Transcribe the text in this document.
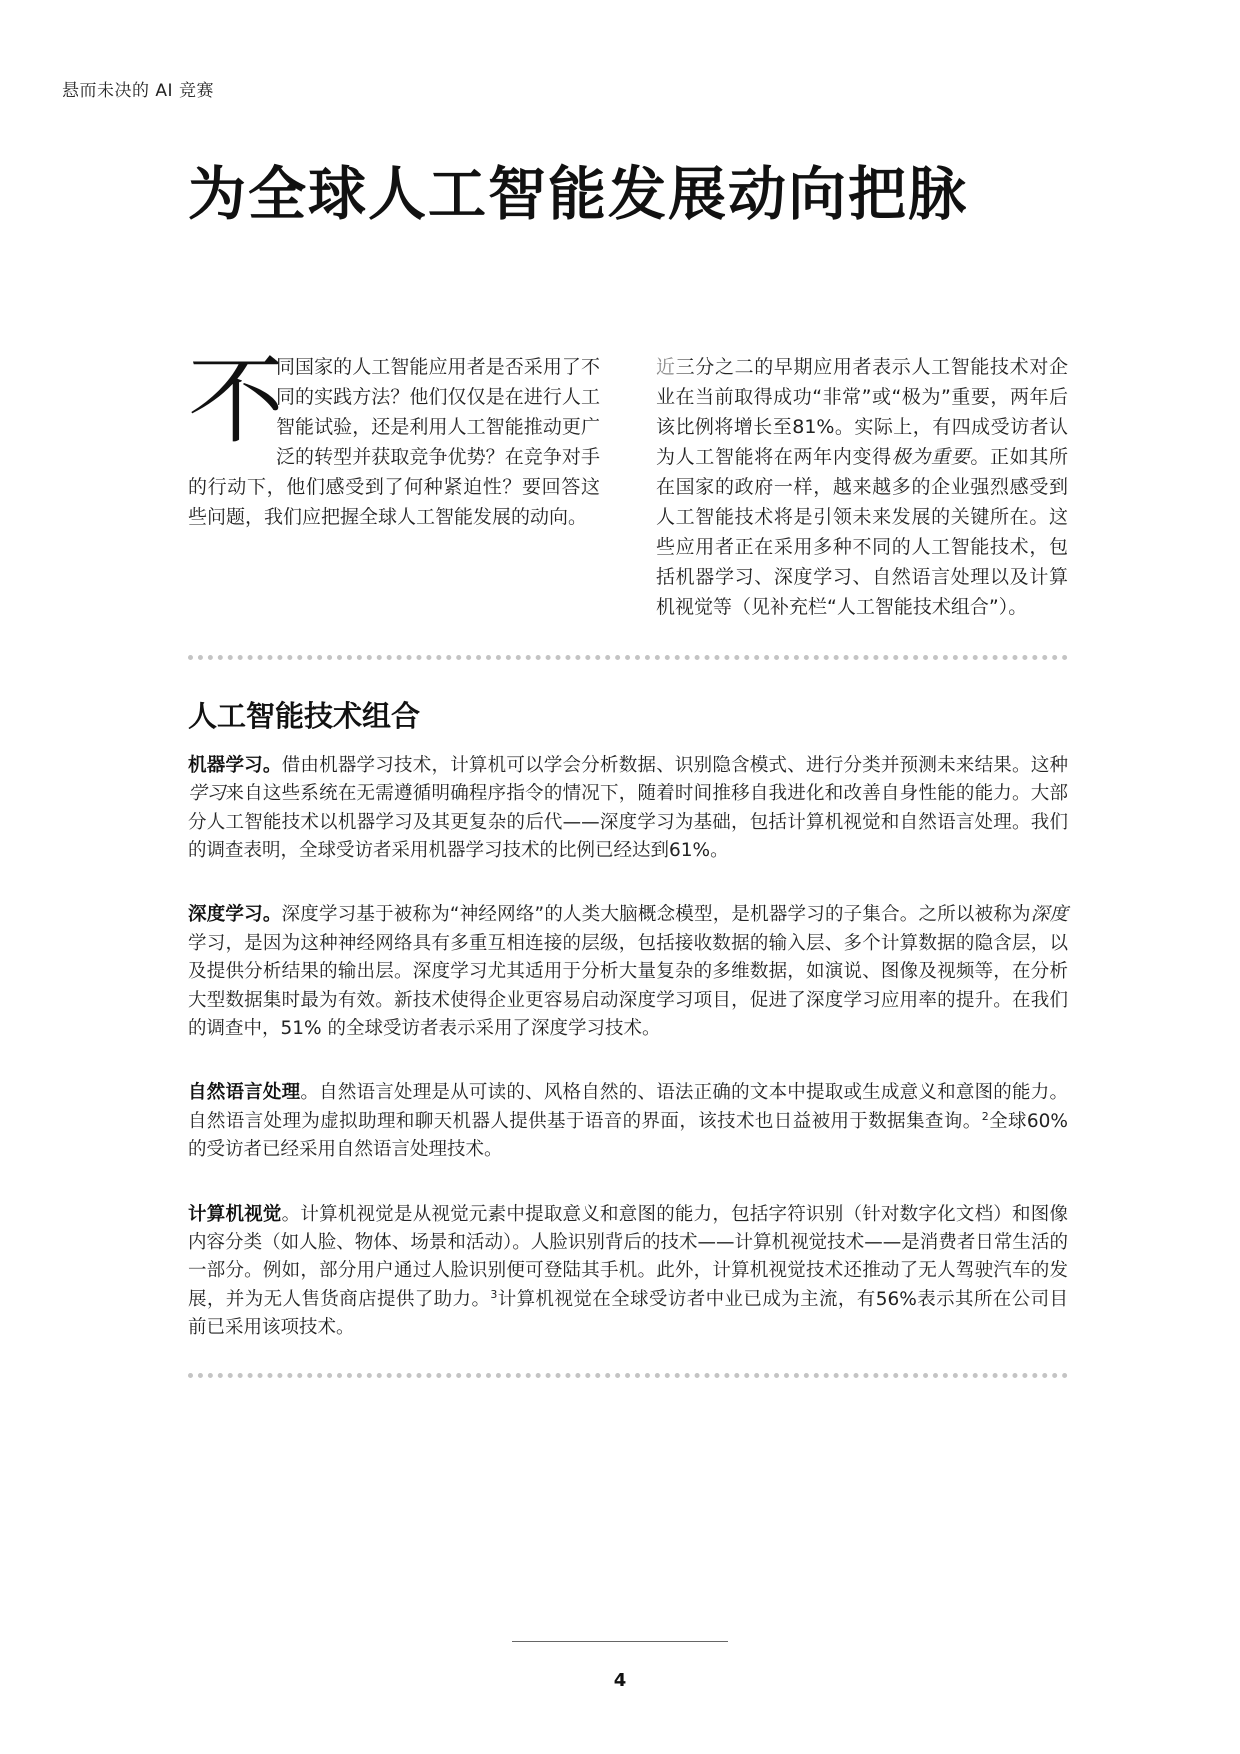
悬而未决的 AI 竞赛
为全球人工智能发展动向把脉
不
同国家的人工智能应用者是否采用了不同的实践方法？他们仅仅是在进行人工智能试验，还是利用人工智能推动更广泛的转型并获取竞争优势？在竞争对手的行动下，他们感受到了何种紧迫性？要回答这些问题，我们应把握全球人工智能发展的动向。
近三分之二的早期应用者表示人工智能技术对企业在当前取得成功“非常”或“极为”重要，两年后该比例将增长至81%。实际上，有四成受访者认为人工智能将在两年内变得极为重要。正如其所在国家的政府一样，越来越多的企业强烈感受到人工智能技术将是引领未来发展的关键所在。这些应用者正在采用多种不同的人工智能技术，包括机器学习、深度学习、自然语言处理以及计算机视觉等（见补充栏“人工智能技术组合”）。
人工智能技术组合

机器学习。借由机器学习技术，计算机可以学会分析数据、识别隐含模式、进行分类并预测未来结果。这种学习来自这些系统在无需遵循明确程序指令的情况下，随着时间推移自我进化和改善自身性能的能力。大部分人工智能技术以机器学习及其更复杂的后代——深度学习为基础，包括计算机视觉和自然语言处理。我们的调查表明，全球受访者采用机器学习技术的比例已经达到61%。

深度学习。深度学习基于被称为“神经网络”的人类大脑概念模型，是机器学习的子集合。之所以被称为深度学习，是因为这种神经网络具有多重互相连接的层级，包括接收数据的输入层、多个计算数据的隐含层，以及提供分析结果的输出层。深度学习尤其适用于分析大量复杂的多维数据，如演说、图像及视频等，在分析大型数据集时最为有效。新技术使得企业更容易启动深度学习项目，促进了深度学习应用率的提升。在我们的调查中，51% 的全球受访者表示采用了深度学习技术。

自然语言处理。自然语言处理是从可读的、风格自然的、语法正确的文本中提取或生成意义和意图的能力。自然语言处理为虚拟助理和聊天机器人提供基于语音的界面，该技术也日益被用于数据集查询。$^2$全球60%的受访者已经采用自然语言处理技术。

计算机视觉。计算机视觉是从视觉元素中提取意义和意图的能力，包括字符识别（针对数字化文档）和图像内容分类（如人脸、物体、场景和活动）。人脸识别背后的技术——计算机视觉技术——是消费者日常生活的一部分。例如，部分用户通过人脸识别便可登陆其手机。此外，计算机视觉技术还推动了无人驾驶汽车的发展，并为无人售货商店提供了助力。$^3$计算机视觉在全球受访者中业已成为主流，有56%表示其所在公司目前已采用该项技术。

4
